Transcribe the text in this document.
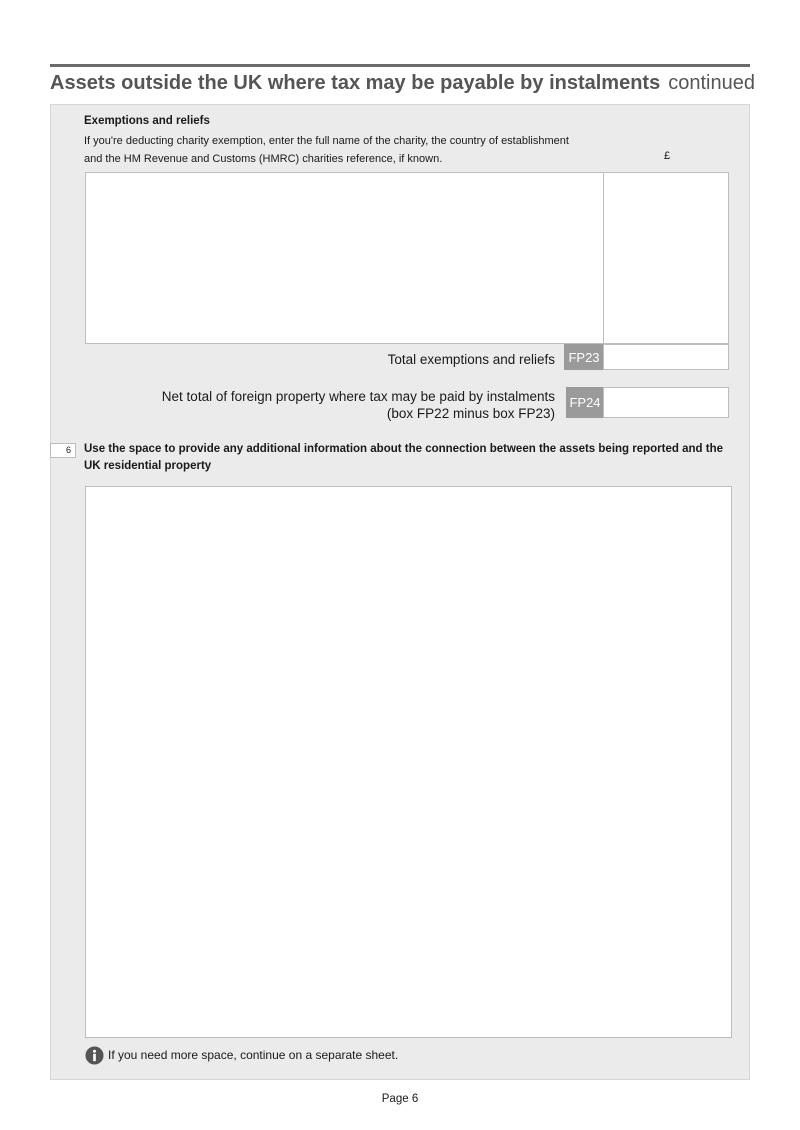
Assets outside the UK where tax may be payable by instalments continued
Exemptions and reliefs
If you're deducting charity exemption, enter the full name of the charity, the country of establishment
and the HM Revenue and Customs (HMRC) charities reference, if known.	£
Total exemptions and reliefs	FP23
Net total of foreign property where tax may be paid by instalments
(box FP22 minus box FP23)
FP24
6	Use the space to provide any additional information about the connection between the assets being reported and the UK residential property
If you need more space, continue on a separate sheet.
Page 6
